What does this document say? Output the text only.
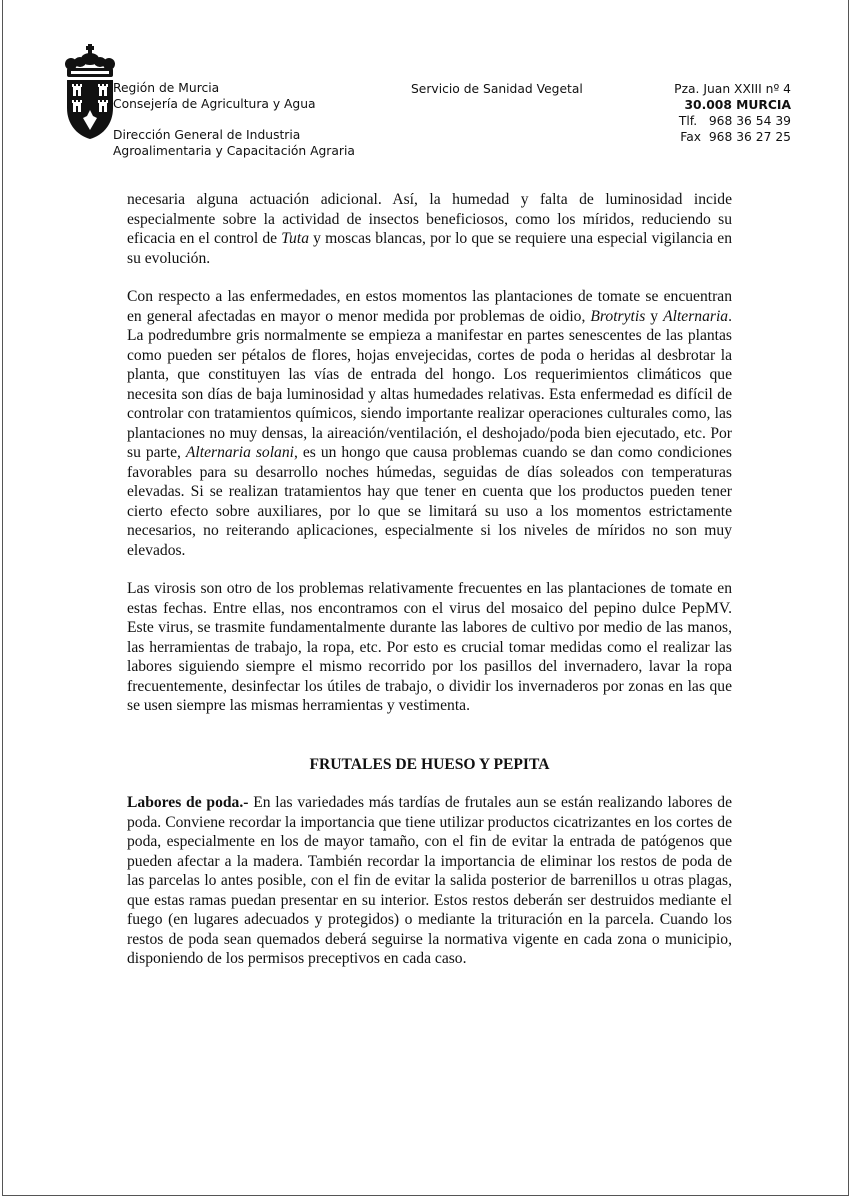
Región de Murcia
Consejería de Agricultura y Agua
Dirección General de Industria
Agroalimentaria y Capacitación Agraria
Servicio de Sanidad Vegetal	Pza. Juan XXIII nº 4
30.008 MURCIA
Tlf.   968 36 54 39
Fax  968 36 27 25

necesaria alguna actuación adicional. Así, la humedad y falta de luminosidad incide especialmente sobre la actividad de insectos beneficiosos, como los míridos, reduciendo su eficacia en el control de Tuta y moscas blancas, por lo que se requiere una especial vigilancia en su evolución.

Con respecto a las enfermedades, en estos momentos las plantaciones de tomate se encuentran en general afectadas en mayor o menor medida por problemas de oidio, Brotrytis y Alternaria. La podredumbre gris normalmente se empieza a manifestar en partes senescentes de las plantas como pueden ser pétalos de flores, hojas envejecidas, cortes de poda o heridas al desbrotar la planta, que constituyen las vías de entrada del hongo. Los requerimientos climáticos que necesita son días de baja luminosidad y altas humedades relativas. Esta enfermedad es difícil de controlar con tratamientos químicos, siendo importante realizar operaciones culturales como, las plantaciones no muy densas, la aireación/ventilación, el deshojado/poda bien ejecutado, etc. Por su parte, Alternaria solani, es un hongo que causa problemas cuando se dan como condiciones favorables para su desarrollo noches húmedas, seguidas de días soleados con temperaturas elevadas. Si se realizan tratamientos hay que tener en cuenta que los productos pueden tener cierto efecto sobre auxiliares, por lo que se limitará su uso a los momentos estrictamente necesarios, no reiterando aplicaciones, especialmente si los niveles de míridos no son muy elevados.

Las virosis son otro de los problemas relativamente frecuentes en las plantaciones de tomate en estas fechas. Entre ellas, nos encontramos con el virus del mosaico del pepino dulce PepMV. Este virus, se trasmite fundamentalmente durante las labores de cultivo por medio de las manos, las herramientas de trabajo, la ropa, etc. Por esto es crucial tomar medidas como el realizar las labores siguiendo siempre el mismo recorrido por los pasillos del invernadero, lavar la ropa frecuentemente, desinfectar los útiles de trabajo, o dividir los invernaderos por zonas en las que se usen siempre las mismas herramientas y vestimenta.

FRUTALES DE HUESO Y PEPITA

Labores de poda.- En las variedades más tardías de frutales aun se están realizando labores de poda. Conviene recordar la importancia que tiene utilizar productos cicatrizantes en los cortes de poda, especialmente en los de mayor tamaño, con el fin de evitar la entrada de patógenos que pueden afectar a la madera. También recordar la importancia de eliminar los restos de poda de las parcelas lo antes posible, con el fin de evitar la salida posterior de barrenillos u otras plagas, que estas ramas puedan presentar en su interior. Estos restos deberán ser destruidos mediante el fuego (en lugares adecuados y protegidos) o mediante la trituración en la parcela. Cuando los restos de poda sean quemados deberá seguirse la normativa vigente en cada zona o municipio, disponiendo de los permisos preceptivos en cada caso.
